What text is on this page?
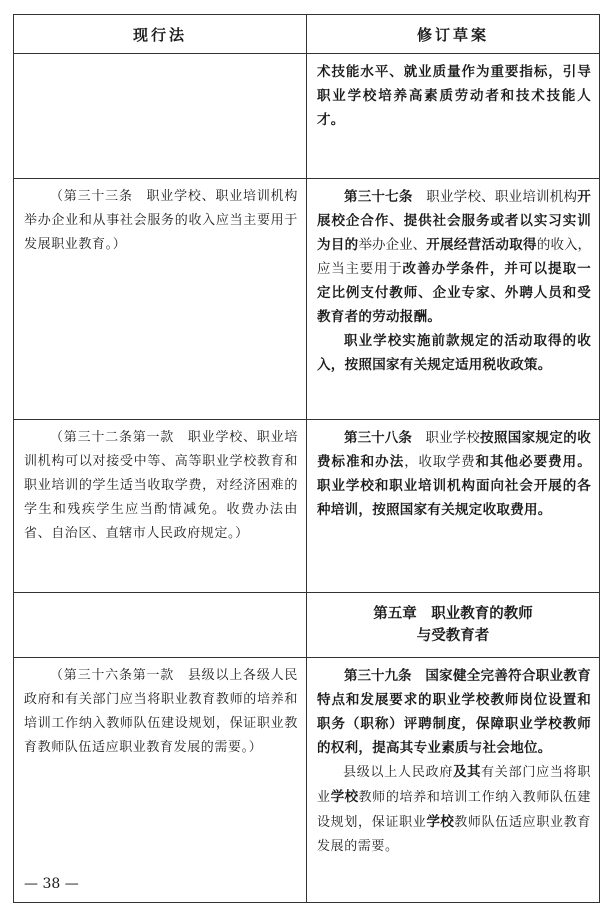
现行法	修订草案

	术技能水平、就业质量作为重要指标，引导职业学校培养高素质劳动者和技术技能人才。

（第三十三条　职业学校、职业培训机构举办企业和从事社会服务的收入应当主要用于发展职业教育。）	第三十七条　职业学校、职业培训机构开展校企合作、提供社会服务或者以实习实训为目的举办企业、开展经营活动取得的收入，应当主要用于改善办学条件，并可以提取一定比例支付教师、企业专家、外聘人员和受教育者的劳动报酬。

职业学校实施前款规定的活动取得的收入，按照国家有关规定适用税收政策。

（第三十二条第一款　职业学校、职业培训机构可以对接受中等、高等职业学校教育和职业培训的学生适当收取学费，对经济困难的学生和残疾学生应当酌情减免。收费办法由省、自治区、直辖市人民政府规定。）	第三十八条　职业学校按照国家规定的收费标准和办法，收取学费和其他必要费用。职业学校和职业培训机构面向社会开展的各种培训，按照国家有关规定收取费用。

	第五章　职业教育的教师
与受教育者

（第三十六条第一款　县级以上各级人民政府和有关部门应当将职业教育教师的培养和培训工作纳入教师队伍建设规划，保证职业教育教师队伍适应职业教育发展的需要。）	第三十九条　国家健全完善符合职业教育特点和发展要求的职业学校教师岗位设置和职务（职称）评聘制度，保障职业学校教师的权利，提高其专业素质与社会地位。

县级以上人民政府及其有关部门应当将职业学校教师的培养和培训工作纳入教师队伍建设规划，保证职业学校教师队伍适应职业教育发展的需要。

— 38 —
